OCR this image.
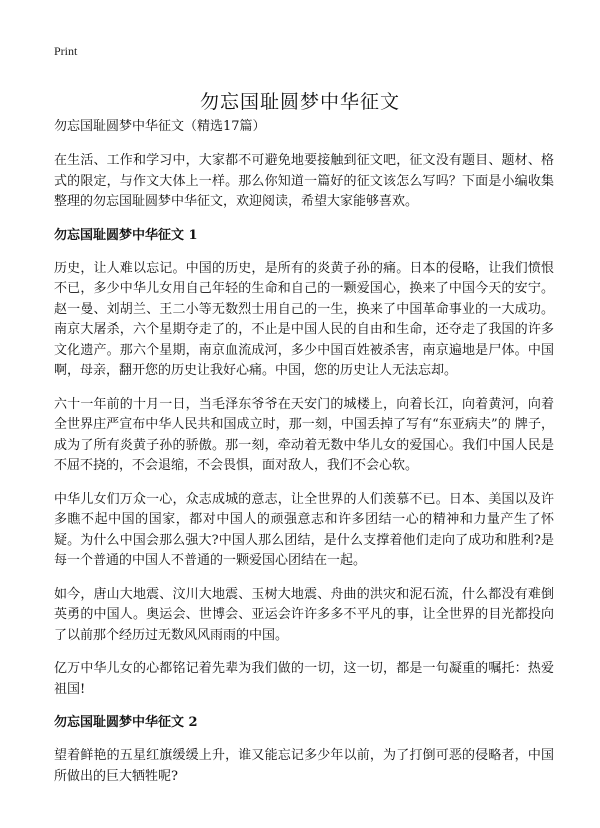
Print
勿忘国耻圆梦中华征文

勿忘国耻圆梦中华征文（精选17篇）

在生活、工作和学习中，大家都不可避免地要接触到征文吧，征文没有题目、题材、格式的限定，与作文大体上一样。那么你知道一篇好的征文该怎么写吗？下面是小编收集整理的勿忘国耻圆梦中华征文，欢迎阅读，希望大家能够喜欢。

勿忘国耻圆梦中华征文 1

历史，让人难以忘记。中国的历史，是所有的炎黄子孙的痛。日本的侵略，让我们愤恨不已，多少中华儿女用自己年轻的生命和自己的一颗爱国心，换来了中国今天的安宁。赵一曼、刘胡兰、王二小等无数烈士用自己的一生，换来了中国革命事业的一大成功。南京大屠杀，六个星期夺走了的，不止是中国人民的自由和生命，还夺走了我国的许多文化遗产。那六个星期，南京血流成河，多少中国百姓被杀害，南京遍地是尸体。中国啊，母亲，翻开您的历史让我好心痛。中国，您的历史让人无法忘却。

六十一年前的十月一日，当毛泽东爷爷在天安门的城楼上，向着长江，向着黄河，向着全世界庄严宣布中华人民共和国成立时，那一刻，中国丢掉了写有“东亚病夫”的 牌子，成为了所有炎黄子孙的骄傲。那一刻，牵动着无数中华儿女的爱国心。我们中国人民是不屈不挠的，不会退缩，不会畏惧，面对敌人，我们不会心软。

中华儿女们万众一心，众志成城的意志，让全世界的人们羡慕不已。日本、美国以及许多瞧不起中国的国家，都对中国人的顽强意志和许多团结一心的精神和力量产生了怀疑。为什么中国会那么强大?中国人那么团结，是什么支撑着他们走向了成功和胜利?是每一个普通的中国人不普通的一颗爱国心团结在一起。

如今，唐山大地震、汶川大地震、玉树大地震、舟曲的洪灾和泥石流，什么都没有难倒英勇的中国人。奥运会、世博会、亚运会许许多多不平凡的事，让全世界的目光都投向了以前那个经历过无数风风雨雨的中国。

亿万中华儿女的心都铭记着先辈为我们做的一切，这一切，都是一句凝重的嘱托：热爱祖国!

勿忘国耻圆梦中华征文 2

望着鲜艳的五星红旗缓缓上升，谁又能忘记多少年以前，为了打倒可恶的侵略者，中国所做出的巨大牺牲呢?
